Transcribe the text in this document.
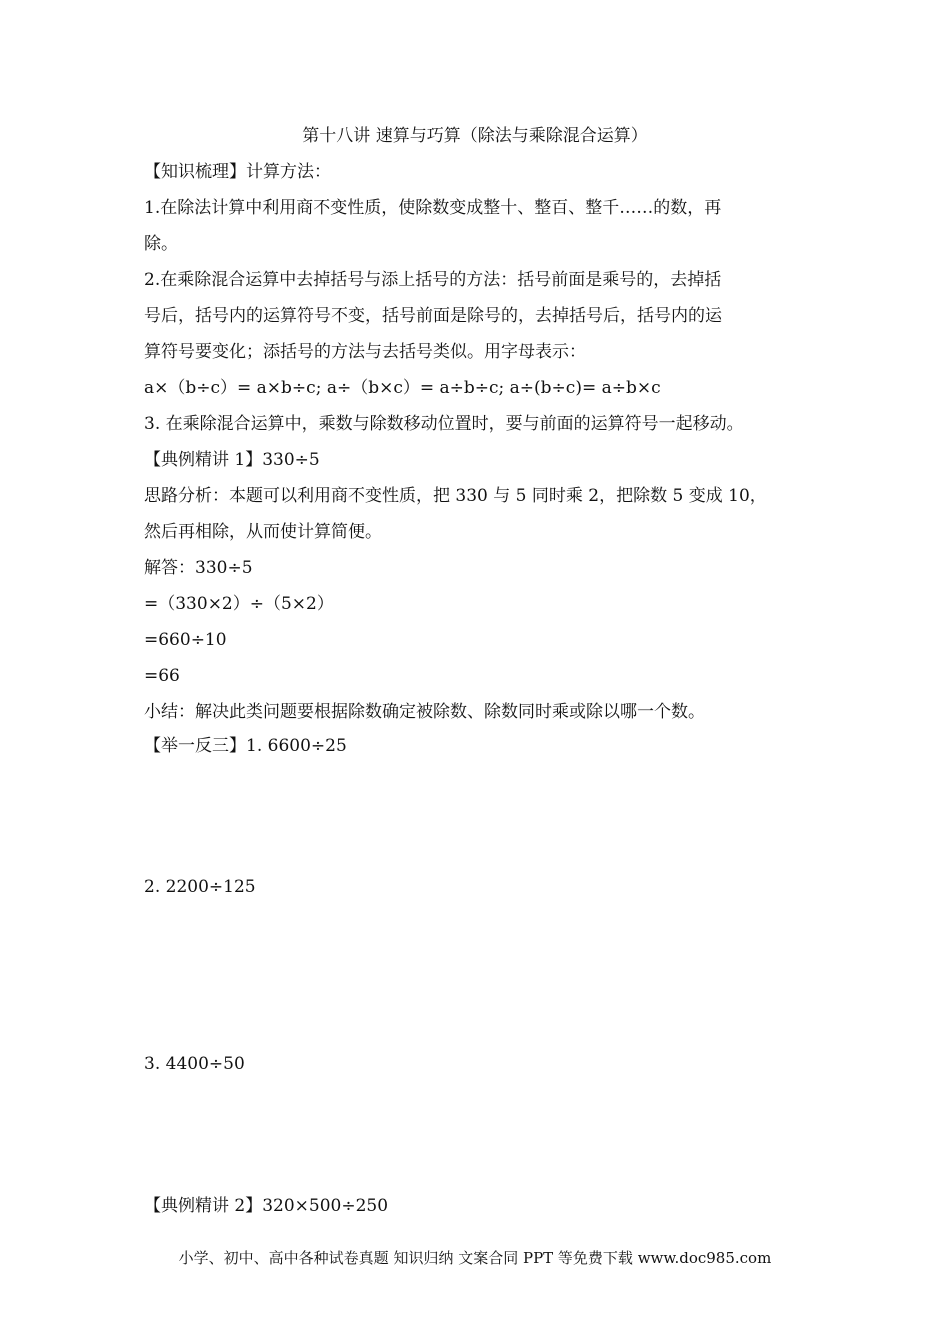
第十八讲 速算与巧算（除法与乘除混合运算）
【知识梳理】计算方法：
1.在除法计算中利用商不变性质，使除数变成整十、整百、整千……的数，再
除。
2.在乘除混合运算中去掉括号与添上括号的方法：括号前面是乘号的，去掉括
号后，括号内的运算符号不变，括号前面是除号的，去掉括号后，括号内的运
算符号要变化；添括号的方法与去括号类似。用字母表示：
a×（b÷c）= a×b÷c; a÷（b×c）= a÷b÷c; a÷(b÷c)= a÷b×c
3. 在乘除混合运算中，乘数与除数移动位置时，要与前面的运算符号一起移动。
【典例精讲 1】330÷5
思路分析：本题可以利用商不变性质，把 330 与 5 同时乘 2，把除数 5 变成 10，
然后再相除，从而使计算简便。
解答：330÷5
=（330×2）÷（5×2）
=660÷10
=66
小结：解决此类问题要根据除数确定被除数、除数同时乘或除以哪一个数。
【举一反三】1. 6600÷25
2. 2200÷125
3. 4400÷50
【典例精讲 2】320×500÷250
小学、初中、高中各种试卷真题 知识归纳 文案合同 PPT 等免费下载 www.doc985.com
